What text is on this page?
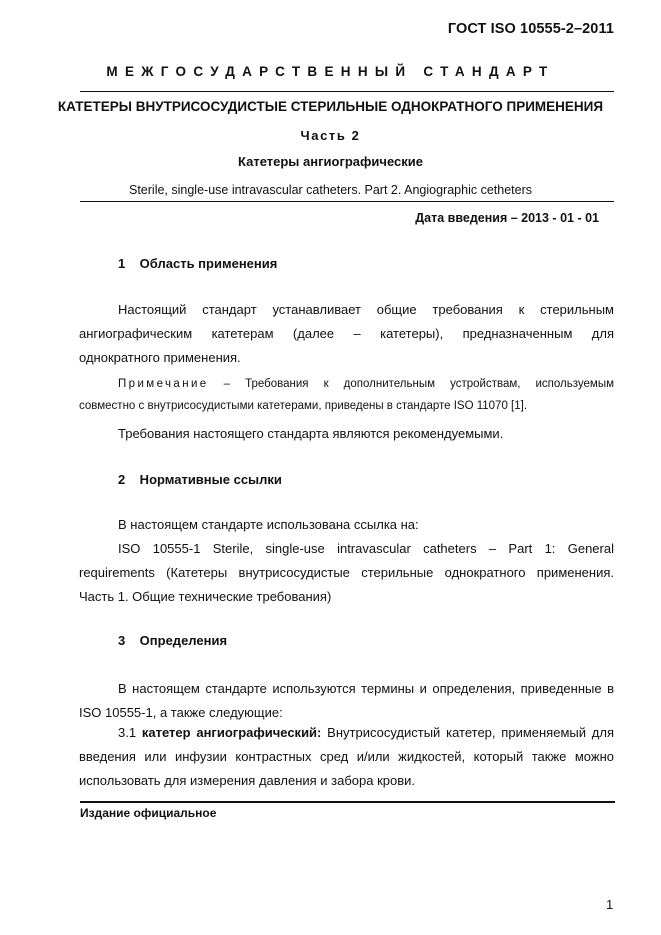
ГОСТ ISO 10555-2–2011
МЕЖГОСУДАРСТВЕННЫЙ СТАНДАРТ
КАТЕТЕРЫ ВНУТРИСОСУДИСТЫЕ СТЕРИЛЬНЫЕ ОДНОКРАТНОГО ПРИМЕНЕНИЯ
Часть 2
Катетеры ангиографические
Sterile, single-use intravascular catheters. Part 2. Angiographic cetheters
Дата введения – 2013 - 01 - 01
1    Область применения
Настоящий стандарт устанавливает общие требования к стерильным
ангиографическим катетерам (далее – катетеры), предназначенным для
однократного применения.
Примечание – Требования к дополнительным устройствам, используемым
совместно с внутрисосудистыми катетерами, приведены в стандарте ISO 11070 [1].
Требования настоящего стандарта являются рекомендуемыми.
2    Нормативные ссылки
В настоящем стандарте использована ссылка на:
ISO 10555-1 Sterile, single-use intravascular catheters – Part 1: General
requirements (Катетеры внутрисосудистые стерильные однократного применения.
Часть 1. Общие технические требования)
3    Определения
В настоящем стандарте используются термины и определения, приведенные в
ISO 10555-1, а также следующие:
3.1 катетер ангиографический: Внутрисосудистый катетер, применяемый для
введения или инфузии контрастных сред и/или жидкостей, который также можно
использовать для измерения давления и забора крови.
Издание официальное
1
